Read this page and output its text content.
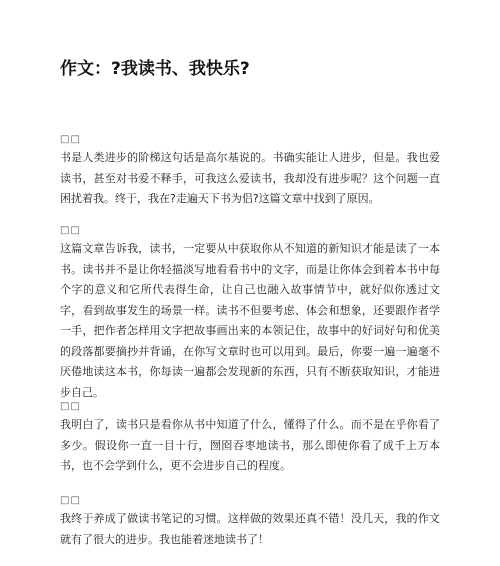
作文：?我读书、我快乐?
□□

书是人类进步的阶梯这句话是高尔基说的。书确实能让人进步，但是。我也爱读书，甚至对书爱不释手，可我这么爱读书，我却没有进步呢？这个问题一直困扰着我。终于，我在?走遍天下书为侣?这篇文章中找到了原因。

□□

这篇文章告诉我，读书，一定要从中获取你从不知道的新知识才能是读了一本书。读书并不是让你轻描淡写地看看书中的文字，而是让你体会到着本书中每个字的意义和它所代表得生命，让自己也融入故事情节中，就好似你透过文字，看到故事发生的场景一样。读书不但要考虑、体会和想象，还要跟作者学一手，把作者怎样用文字把故事画出来的本领记住，故事中的好词好句和优美的段落都要摘抄并背诵，在你写文章时也可以用到。最后，你要一遍一遍毫不厌倦地读这本书，你每读一遍都会发现新的东西，只有不断获取知识，才能进步自己。

□□

我明白了，读书只是看你从书中知道了什么，懂得了什么。而不是在乎你看了多少。假设你一直一目十行，囫囵吞枣地读书，那么即使你看了成千上万本书，也不会学到什么，更不会进步自己的程度。

□□

我终于养成了做读书笔记的习惯。这样做的效果还真不错！没几天，我的作文就有了很大的进步。我也能着迷地读书了！
